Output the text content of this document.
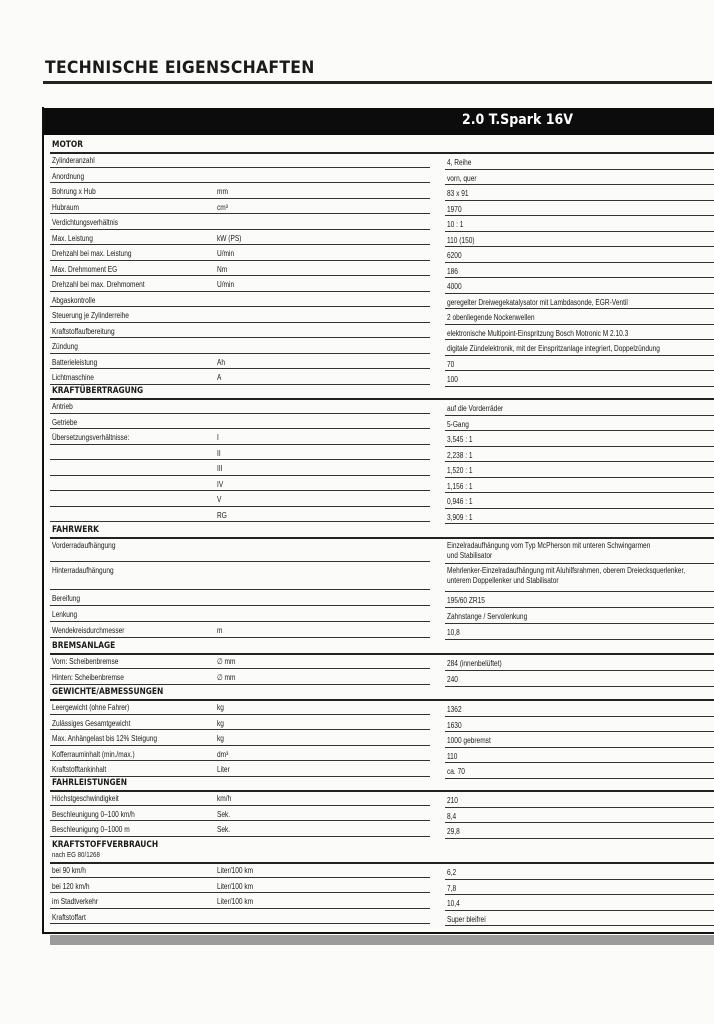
TECHNISCHE EIGENSCHAFTEN
2.0 T.Spark 16V
MOTOR
Zylinderanzahl	4, Reihe
Anordnung	vorn, quer
Bohrung x Hub	mm	83 x 91
Hubraum	cm³	1970
Verdichtungsverhältnis	10 : 1
Max. Leistung	kW (PS)	110 (150)
Drehzahl bei max. Leistung	U/min	6200
Max. Drehmoment EG	Nm	186
Drehzahl bei max. Drehmoment	U/min	4000
Abgaskontrolle	geregelter Dreiwegekatalysator mit Lambdasonde, EGR-Ventil
Steuerung je Zylinderreihe	2 obenliegende Nockenwellen
Kraftstoffaufbereitung	elektronische Multipoint-Einspritzung Bosch Motronic M 2.10.3
Zündung	digitale Zündelektronik, mit der Einspritzanlage integriert, Doppelzündung
Batterieleistung	Ah	70
Lichtmaschine	A	100
KRAFTÜBERTRAGUNG
Antrieb	auf die Vorderräder
Getriebe	5-Gang
Übersetzungsverhältnisse:	I	3,545 : 1
II	2,238 : 1
III	1,520 : 1
IV	1,156 : 1
V	0,946 : 1
RG	3,909 : 1
FAHRWERK
Vorderradaufhängung	Einzelradaufhängung vom Typ McPherson mit unteren Schwingarmen
und Stabilisator
Hinterradaufhängung	Mehrlenker-Einzelradaufhängung mit Aluhilfsrahmen, oberem Dreiecksquerlenker,
unterem Doppellenker und Stabilisator
Bereifung	195/60 ZR15
Lenkung	Zahnstange / Servolenkung
Wendekreisdurchmesser	m	10,8
BREMSANLAGE
Vorn: Scheibenbremse	∅ mm	284 (innenbelüftet)
Hinten: Scheibenbremse	∅ mm	240
GEWICHTE/ABMESSUNGEN
Leergewicht (ohne Fahrer)	kg	1362
Zulässiges Gesamtgewicht	kg	1630
Max. Anhängelast bis 12% Steigung	kg	1000 gebremst
Kofferrauminhalt (min./max.)	dm³	110
Kraftstofftankinhalt	Liter	ca. 70
FAHRLEISTUNGEN
Höchstgeschwindigkeit	km/h	210
Beschleunigung 0–100 km/h	Sek.	8,4
Beschleunigung 0–1000 m	Sek.	29,8
KRAFTSTOFFVERBRAUCH
nach EG 80/1268
bei 90 km/h	Liter/100 km	6,2
bei 120 km/h	Liter/100 km	7,8
im Stadtverkehr	Liter/100 km	10,4
Kraftstoffart	Super bleifrei
